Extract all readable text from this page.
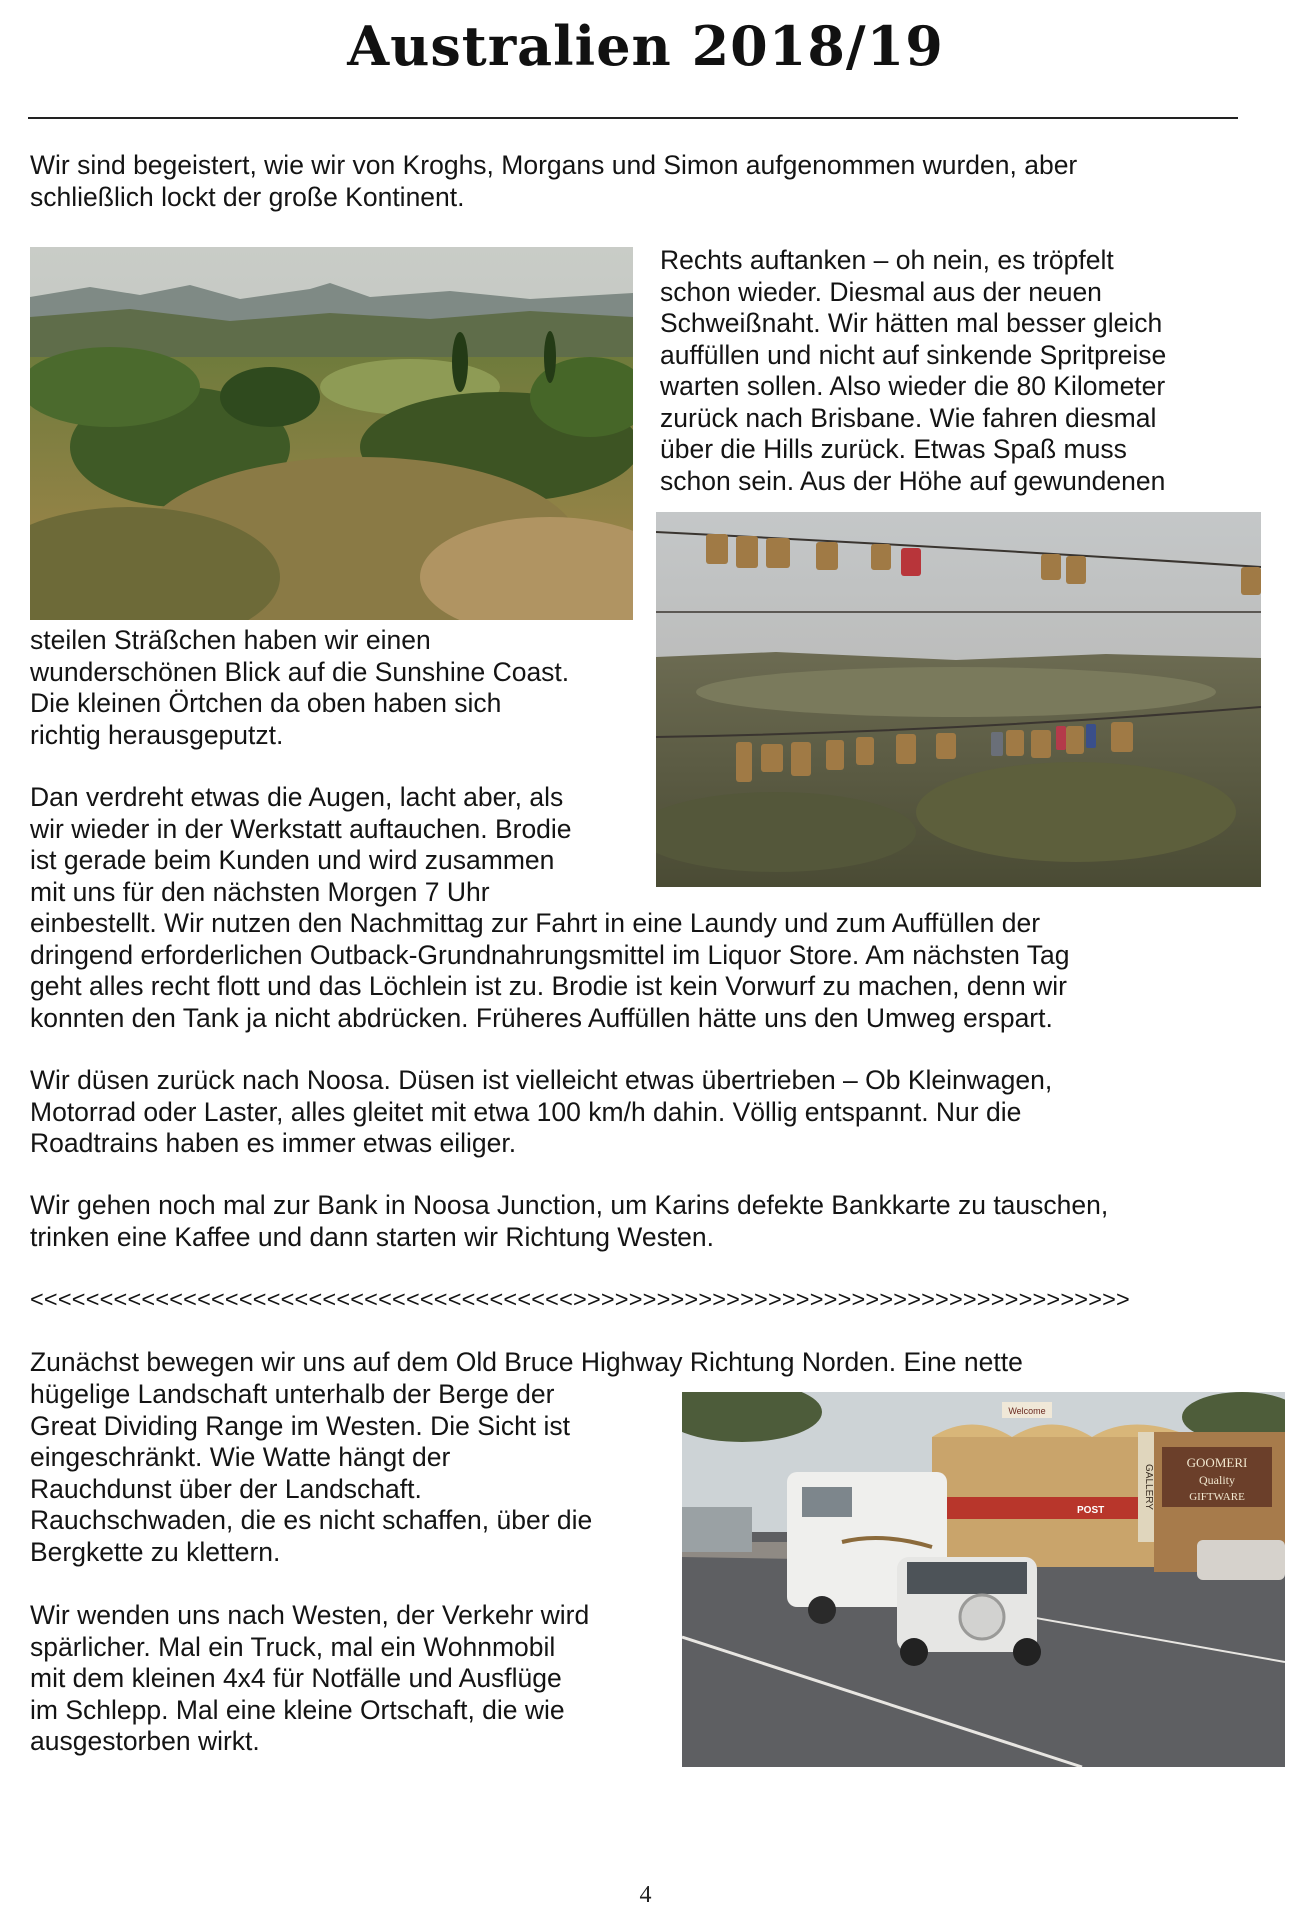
Australien 2018/19

Wir sind begeistert, wie wir von Kroghs, Morgans und Simon aufgenommen wurden, aber
schließlich lockt der große Kontinent.

Rechts auftanken – oh nein, es tröpfelt
schon wieder. Diesmal aus der neuen
Schweißnaht. Wir hätten mal besser gleich
auffüllen und nicht auf sinkende Spritpreise
warten sollen. Also wieder die 80 Kilometer
zurück nach Brisbane. Wie fahren diesmal
über die Hills zurück. Etwas Spaß muss
schon sein. Aus der Höhe auf gewundenen

steilen Sträßchen haben wir einen
wunderschönen Blick auf die Sunshine Coast.
Die kleinen Örtchen da oben haben sich
richtig herausgeputzt.

Dan verdreht etwas die Augen, lacht aber, als
wir wieder in der Werkstatt auftauchen. Brodie
ist gerade beim Kunden und wird zusammen
mit uns für den nächsten Morgen 7 Uhr

einbestellt. Wir nutzen den Nachmittag zur Fahrt in eine Laundy und zum Auffüllen der
dringend erforderlichen Outback-Grundnahrungsmittel im Liquor Store. Am nächsten Tag
geht alles recht flott und das Löchlein ist zu. Brodie ist kein Vorwurf zu machen, denn wir
konnten den Tank ja nicht abdrücken. Früheres Auffüllen hätte uns den Umweg erspart.

Wir düsen zurück nach Noosa. Düsen ist vielleicht etwas übertrieben – Ob Kleinwagen,
Motorrad oder Laster, alles gleitet mit etwa 100 km/h dahin. Völlig entspannt. Nur die
Roadtrains haben es immer etwas eiliger.

Wir gehen noch mal zur Bank in Noosa Junction, um Karins defekte Bankkarte zu tauschen,
trinken eine Kaffee und dann starten wir Richtung Westen.

<<<<<<<<<<<<<<<<<<<<<<<<<<<<<<<<<<<<<<<>>>>>>>>>>>>>>>>>>>>>>>>>>>>>>>>>>>>>>>>

Zunächst bewegen wir uns auf dem Old Bruce Highway Richtung Norden. Eine nette

hügelige Landschaft unterhalb der Berge der
Great Dividing Range im Westen. Die Sicht ist
eingeschränkt. Wie Watte hängt der
Rauchdunst über der Landschaft.
Rauchschwaden, die es nicht schaffen, über die
Bergkette zu klettern.

Wir wenden uns nach Westen, der Verkehr wird
spärlicher. Mal ein Truck, mal ein Wohnmobil
mit dem kleinen 4x4 für Notfälle und Ausflüge
im Schlepp. Mal eine kleine Ortschaft, die wie
ausgestorben wirkt.

GOOMERI
Quality
GIFTWARE
GALLERY
POST
Welcome
4
